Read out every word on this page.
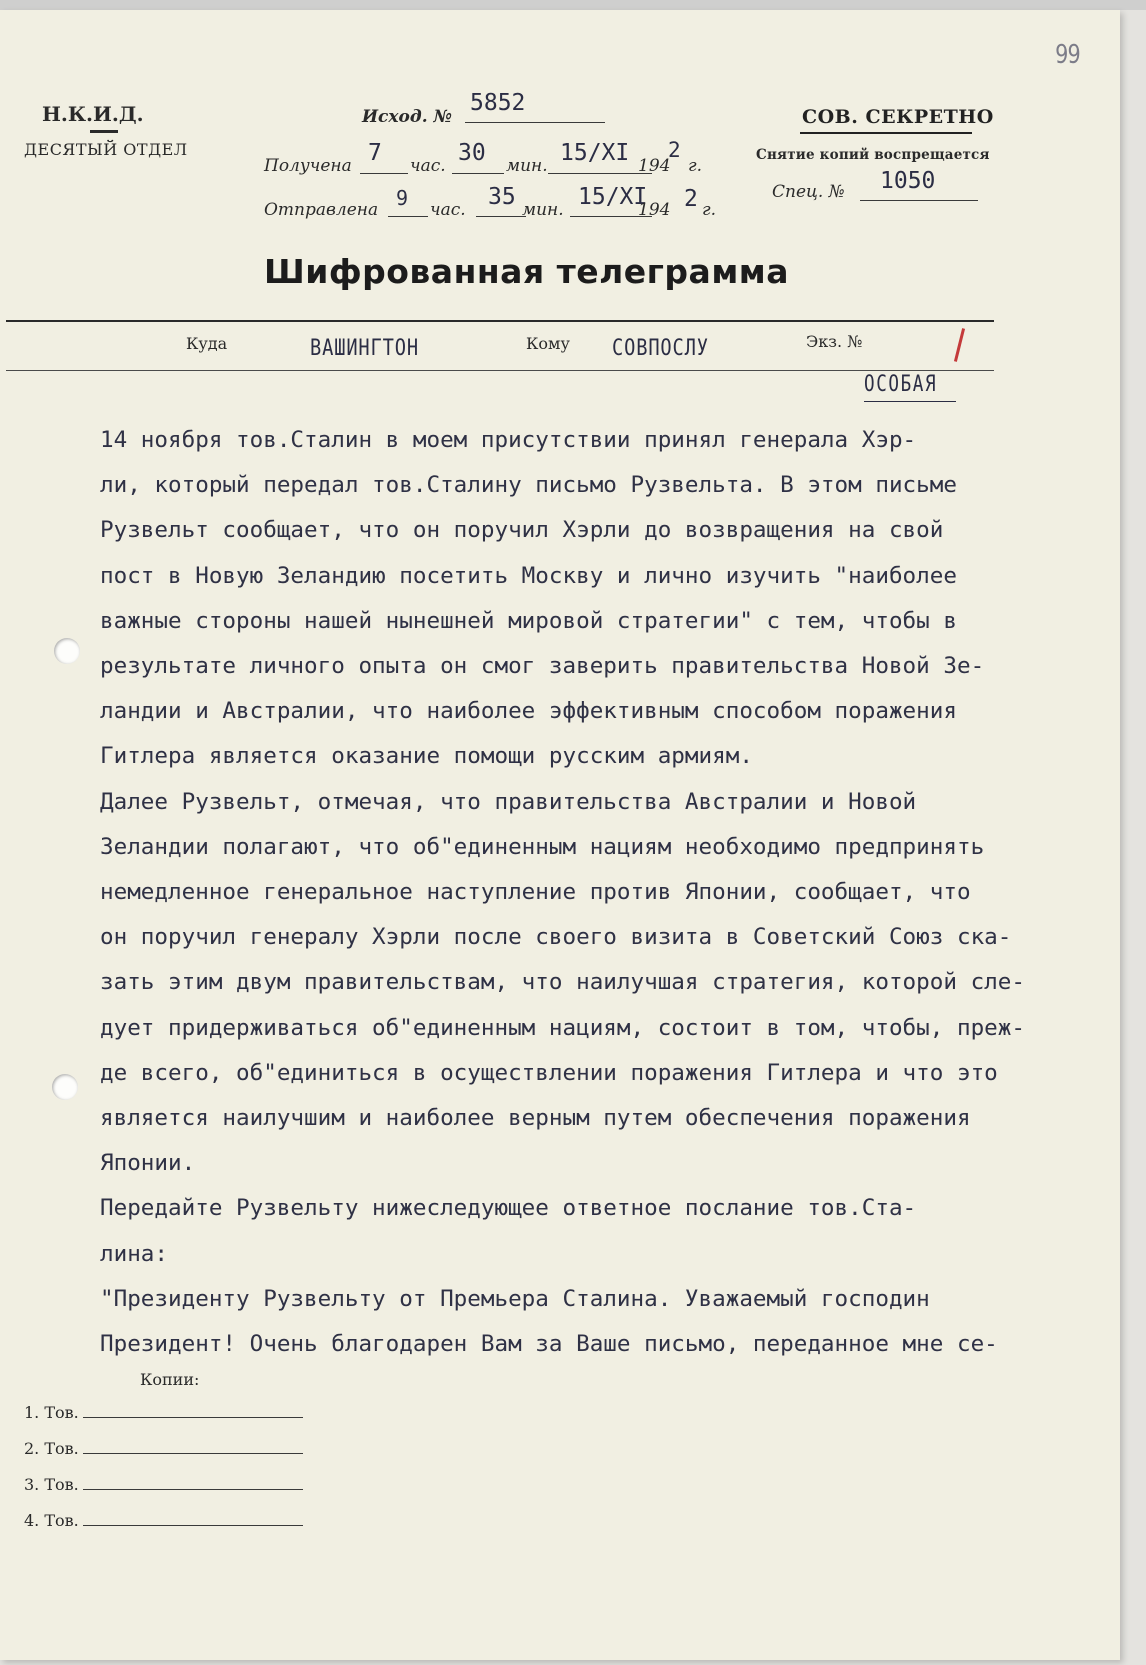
99
Н.К.И.Д.
ДЕСЯТЫЙ ОТДЕЛ
Исход. №
5852
Получена 7 час. 30 мин. 15/XI 194
2
г.
Отправлена 9 час. 35 мин. 15/XI
194 2 г.
СОВ. СЕКРЕТНО
Снятие копий воспрещается
Спец. № 1050
Шифрованная телеграмма
Куда	ВАШИНГТОН	Кому СОВПОСЛУ	Экз. №
ОСОБАЯ

14 ноября тов.Сталин в моем присутствии принял генерала Хэр-

ли, который передал тов.Сталину письмо Рузвельта. В этом письме

Рузвельт сообщает, что он поручил Хэрли до возвращения на свой

пост в Новую Зеландию посетить Москву и лично изучить "наиболее

важные стороны нашей нынешней мировой стратегии" с тем, чтобы в

результате личного опыта он смог заверить правительства Новой Зе-

ландии и Австралии, что наиболее эффективным способом поражения

Гитлера является оказание помощи русским армиям.

Далее Рузвельт, отмечая, что правительства Австралии и Новой

Зеландии полагают, что об"единенным нациям необходимо предпринять

немедленное генеральное наступление против Японии, сообщает, что

он поручил генералу Хэрли после своего визита в Советский Союз ска-

зать этим двум правительствам, что наилучшая стратегия, которой сле-

дует придерживаться об"единенным нациям, состоит в том, чтобы, преж-

де всего, об"единиться в осуществлении поражения Гитлера и что это

является наилучшим и наиболее верным путем обеспечения поражения

Японии.

Передайте Рузвельту нижеследующее ответное послание тов.Ста-

лина:

"Президенту Рузвельту от Премьера Сталина. Уважаемый господин

Президент! Очень благодарен Вам за Ваше письмо, переданное мне се-

Копии:
1. Тов.
2. Тов.
3. Тов.
4. Тов.
